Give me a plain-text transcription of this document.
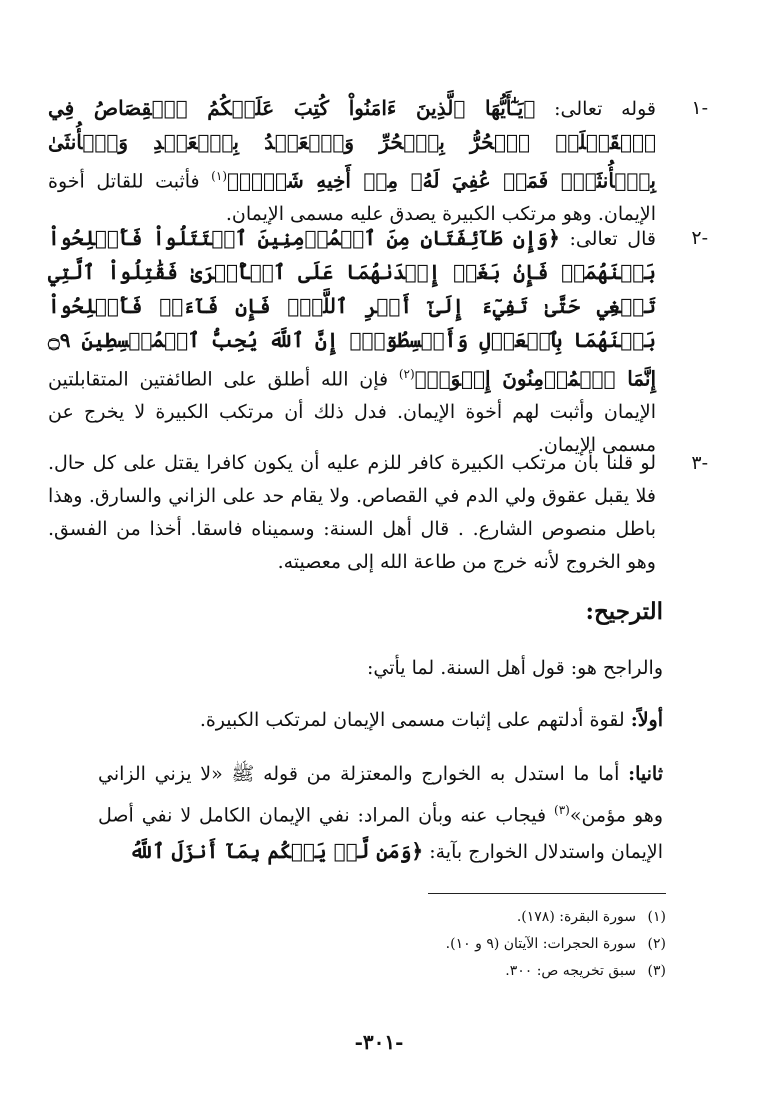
-١
قوله تعالى: ﴿يَـٰٓأَيُّهَا ٱلَّذِينَ ءَامَنُواْ كُتِبَ عَلَيۡكُمُ ٱلۡقِصَاصُ فِي ٱلۡقَتۡلَىۖ ٱلۡحُرُّ بِٱلۡحُرِّ وَٱلۡعَبۡدُ بِٱلۡعَبۡدِ وَٱلۡأُنثَىٰ بِٱلۡأُنثَىٰۚ فَمَنۡ عُفِيَ لَهُۥ مِنۡ أَخِيهِ شَيۡءٞ﴾$^{(١)}$ فأثبت للقاتل أخوة الإيمان. وهو مرتكب الكبيرة يصدق عليه مسمى الإيمان.
-٢
قال تعالى: ﴿وَإِن طَآئِفَتَانِ مِنَ ٱلۡمُؤۡمِنِينَ ٱقۡتَتَلُواْ فَأَصۡلِحُواْ بَيۡنَهُمَاۖ فَإِنۢ بَغَتۡ إِحۡدَىٰهُمَا عَلَى ٱلۡأُخۡرَىٰ فَقَٰتِلُواْ ٱلَّتِي تَبۡغِي حَتَّىٰ تَفِيٓءَ إِلَىٰٓ أَمۡرِ ٱللَّهِۚ فَإِن فَآءَتۡ فَأَصۡلِحُواْ بَيۡنَهُمَا بِٱلۡعَدۡلِ وَأَقۡسِطُوٓاْۖ إِنَّ ٱللَّهَ يُحِبُّ ٱلۡمُقۡسِطِينَ ۝٩ إِنَّمَا ٱلۡمُؤۡمِنُونَ إِخۡوَةٞ﴾$^{(٢)}$ فإن الله أطلق على الطائفتين المتقابلتين الإيمان وأثبت لهم أخوة الإيمان. فدل ذلك أن مرتكب الكبيرة لا يخرج عن مسمى الإيمان.
-٣
لو قلنا بأن مرتكب الكبيرة كافر للزم عليه أن يكون كافرا يقتل على كل حال. فلا يقبل عقوق ولي الدم في القصاص. ولا يقام حد على الزاني والسارق. وهذا باطل منصوص الشارع. . قال أهل السنة: وسميناه فاسقا. أخذا من الفسق. وهو الخروج لأنه خرج من طاعة الله إلى معصيته.
الترجيح:
والراجح هو: قول أهل السنة. لما يأتي:
أولاً: لقوة أدلتهم على إثبات مسمى الإيمان لمرتكب الكبيرة.
ثانيا: أما ما استدل به الخوارج والمعتزلة من قوله ﷺ «لا يزني الزاني وهو مؤمن»$^{(٣)}$ فيجاب عنه وبأن المراد: نفي الإيمان الكامل لا نفي أصل الإيمان واستدلال الخوارج بآية: ﴿وَمَن لَّمۡ يَحۡكُم بِمَآ أَنزَلَ ٱللَّهُ
(١)سورة البقرة: (١٧٨).
(٢)سورة الحجرات: الآيتان (٩ و ١٠).
(٣)سبق تخريجه ص: ٣٠٠.
-٣٠١-
